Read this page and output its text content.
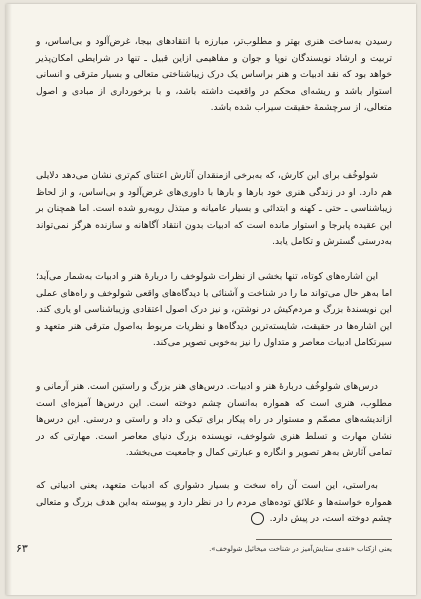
رسیدن به‌ساخت هنری بهتر و مطلوب‌تر، مبارزه با انتقادهای بیجا، غرض‌آلود و بی‌اساس، و تربیت و ارشاد نویسندگان نوپا و جوان و مفاهیمی ازاین قبیل ـ تنها در شرایطی امکان‌پذیر خواهد بود که نقد ادبیات و هنر براساس یک درک زیباشناختی متعالی و بسیار مترقی و انسانی استوار باشد و ریشه‌ای محکم در واقعیت داشته باشد، و با برخورداری از مبادی و اصول متعالی، از سرچشمهٔ حقیقت سیراب شده باشد.

شولوخُف برای این کارش، که به‌برخی ازمنقدان آثارش اعتنای کم‌تری نشان می‌دهد دلایلی هم دارد. او در زندگی هنری خود بارها و بارها با داوری‌های غرض‌آلود و بی‌اساس، و از لحاظ زیباشناسی ـ حتی ـ کهنه و ابتدائی و بسیار عامیانه و مبتذل روبه‌رو شده است. اما همچنان بر این عقیده پابرجا و استوار مانده است که ادبیات بدون انتقاد آگاهانه و سازنده هرگز نمی‌تواند به‌درستی گسترش و تکامل یابد.

این اشاره‌های کوتاه، تنها بخشی از نظرات شولوخف را دربارهٔ هنر و ادبیات به‌شمار می‌آید؛ اما به‌هر حال می‌تواند ما را در شناخت و آشنائی با دیدگاه‌های واقعی شولوخف و راه‌های عملی این نویسندهٔ بزرگ و مردم‌کیش در نوشتن، و نیز درک اصول اعتقادی وزیباشناسی او یاری کند. این اشاره‌ها در حقیقت، شایسته‌ترین دیدگاه‌ها و نظریات مربوط به‌اصول مترقی هنر متعهد و سیرتکامل ادبیات معاصر و متداول را نیز به‌خوبی تصویر می‌کند.

درس‌های شولوخُف دربارهٔ هنر و ادبیات. درس‌های هنر بزرگ و راستین است. هنر آرمانی و مطلوب، هنری است که همواره به‌انسان چشم دوخته است. این درس‌ها آمیزه‌ای است ازاندیشه‌های مصمّم و مستوار در راه پیکار برای تیکی و داد و راستی و درستی. این درس‌ها نشان مهارت و تسلط هنری شولوخف، نویسنده بزرگ دنیای معاصر است. مهارتی که در تمامی آثارش به‌هر تصویر و انگاره و عبارتی کمال و جامعیت می‌بخشد.

به‌راستی، این است آن راه سخت و بسیار دشواری که ادبیات متعهد، یعنی ادبیاتی که همواره خواسته‌ها و علائق توده‌های مردم را در نظر دارد و پیوسته به‌این هدف بزرگ و متعالی چشم دوخته است، در پیش دارد.

یعنی ازکتاب «نقدی ستایش‌آمیز در شناخت میخائیل شولوخف».
۶۳
